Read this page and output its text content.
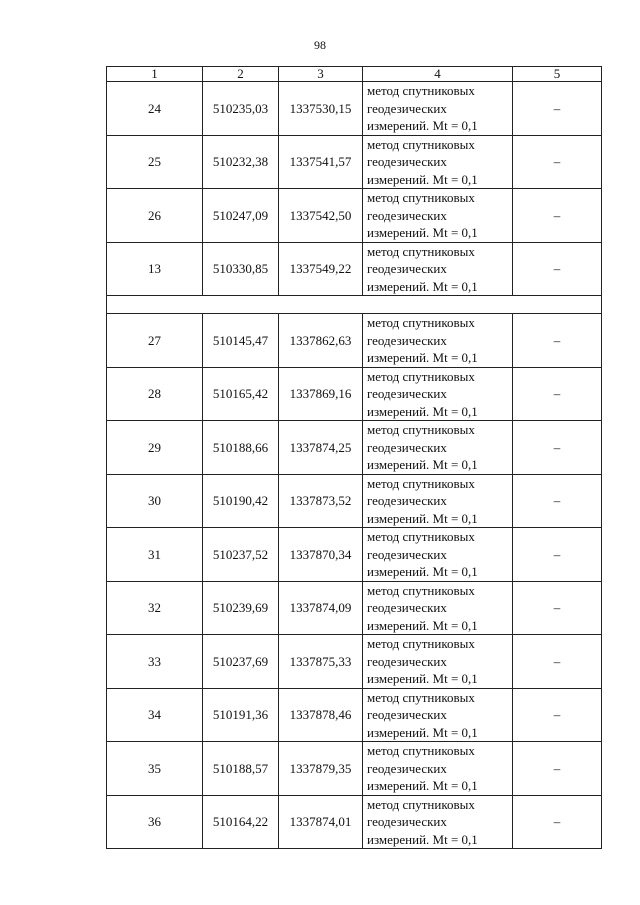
98
1	2	3	4	5
24	510235,03	1337530,15	метод спутниковых
геодезических
измерений. Mt = 0,1	–
25	510232,38	1337541,57	метод спутниковых
геодезических
измерений. Mt = 0,1	–
26	510247,09	1337542,50	метод спутниковых
геодезических
измерений. Mt = 0,1	–
13	510330,85	1337549,22	метод спутниковых
геодезических
измерений. Mt = 0,1	–

27	510145,47	1337862,63	метод спутниковых
геодезических
измерений. Mt = 0,1	–
28	510165,42	1337869,16	метод спутниковых
геодезических
измерений. Mt = 0,1	–
29	510188,66	1337874,25	метод спутниковых
геодезических
измерений. Mt = 0,1	–
30	510190,42	1337873,52	метод спутниковых
геодезических
измерений. Mt = 0,1	–
31	510237,52	1337870,34	метод спутниковых
геодезических
измерений. Mt = 0,1	–
32	510239,69	1337874,09	метод спутниковых
геодезических
измерений. Mt = 0,1	–
33	510237,69	1337875,33	метод спутниковых
геодезических
измерений. Mt = 0,1	–
34	510191,36	1337878,46	метод спутниковых
геодезических
измерений. Mt = 0,1	–
35	510188,57	1337879,35	метод спутниковых
геодезических
измерений. Mt = 0,1	–
36	510164,22	1337874,01	метод спутниковых
геодезических
измерений. Mt = 0,1	–
